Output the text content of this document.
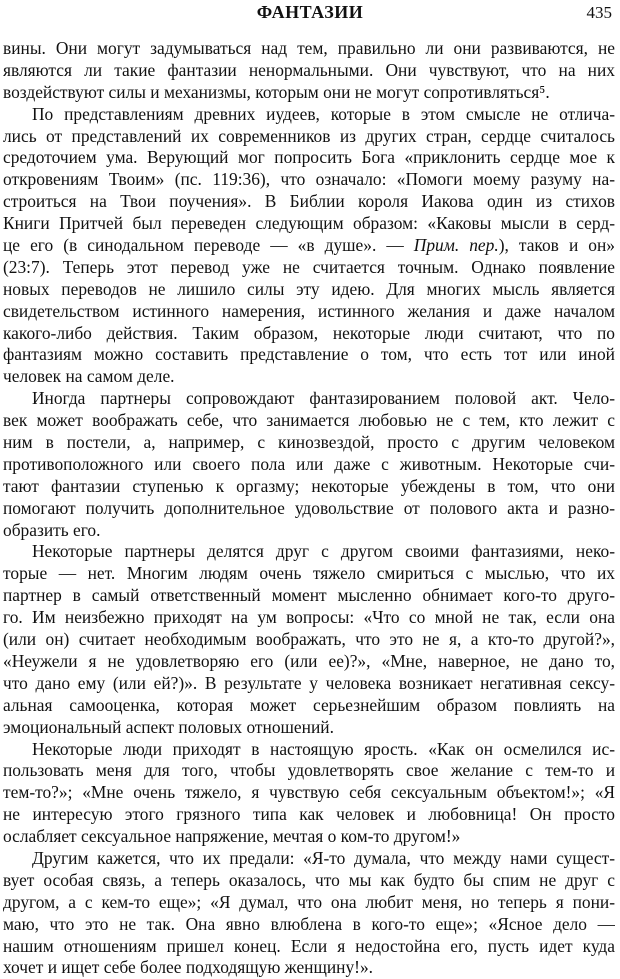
ФАНТАЗИИ	435
вины. Они могут задумываться над тем, правильно ли они развиваются, не
являются ли такие фантазии ненормальными. Они чувствуют, что на них
воздействуют силы и механизмы, которым они не могут сопротивляться⁵.
По представлениям древних иудеев, которые в этом смысле не отлича-
лись от представлений их современников из других стран, сердце считалось
средоточием ума. Верующий мог попросить Бога «приклонить сердце мое к
откровениям Твоим» (пс. 119:36), что означало: «Помоги моему разуму на-
строиться на Твои поучения». В Библии короля Иакова один из стихов
Книги Притчей был переведен следующим образом: «Каковы мысли в серд-
це его (в синодальном переводе — «в душе». — Прим. пер.), таков и он»
(23:7). Теперь этот перевод уже не считается точным. Однако появление
новых переводов не лишило силы эту идею. Для многих мысль является
свидетельством истинного намерения, истинного желания и даже началом
какого-либо действия. Таким образом, некоторые люди считают, что по
фантазиям можно составить представление о том, что есть тот или иной
человек на самом деле.
Иногда партнеры сопровождают фантазированием половой акт. Чело-
век может воображать себе, что занимается любовью не с тем, кто лежит с
ним в постели, а, например, с кинозвездой, просто с другим человеком
противоположного или своего пола или даже с животным. Некоторые счи-
тают фантазии ступенью к оргазму; некоторые убеждены в том, что они
помогают получить дополнительное удовольствие от полового акта и разно-
образить его.
Некоторые партнеры делятся друг с другом своими фантазиями, неко-
торые — нет. Многим людям очень тяжело смириться с мыслью, что их
партнер в самый ответственный момент мысленно обнимает кого-то друго-
го. Им неизбежно приходят на ум вопросы: «Что со мной не так, если она
(или он) считает необходимым воображать, что это не я, а кто-то другой?»,
«Неужели я не удовлетворяю его (или ее)?», «Мне, наверное, не дано то,
что дано ему (или ей?)». В результате у человека возникает негативная сексу-
альная самооценка, которая может серьезнейшим образом повлиять на
эмоциональный аспект половых отношений.
Некоторые люди приходят в настоящую ярость. «Как он осмелился ис-
пользовать меня для того, чтобы удовлетворять свое желание с тем-то и
тем-то?»; «Мне очень тяжело, я чувствую себя сексуальным объектом!»; «Я
не интересую этого грязного типа как человек и любовница! Он просто
ослабляет сексуальное напряжение, мечтая о ком-то другом!»
Другим кажется, что их предали: «Я-то думала, что между нами сущест-
вует особая связь, а теперь оказалось, что мы как будто бы спим не друг с
другом, а с кем-то еще»; «Я думал, что она любит меня, но теперь я пони-
маю, что это не так. Она явно влюблена в кого-то еще»; «Ясное дело —
нашим отношениям пришел конец. Если я недостойна его, пусть идет куда
хочет и ищет себе более подходящую женщину!».
